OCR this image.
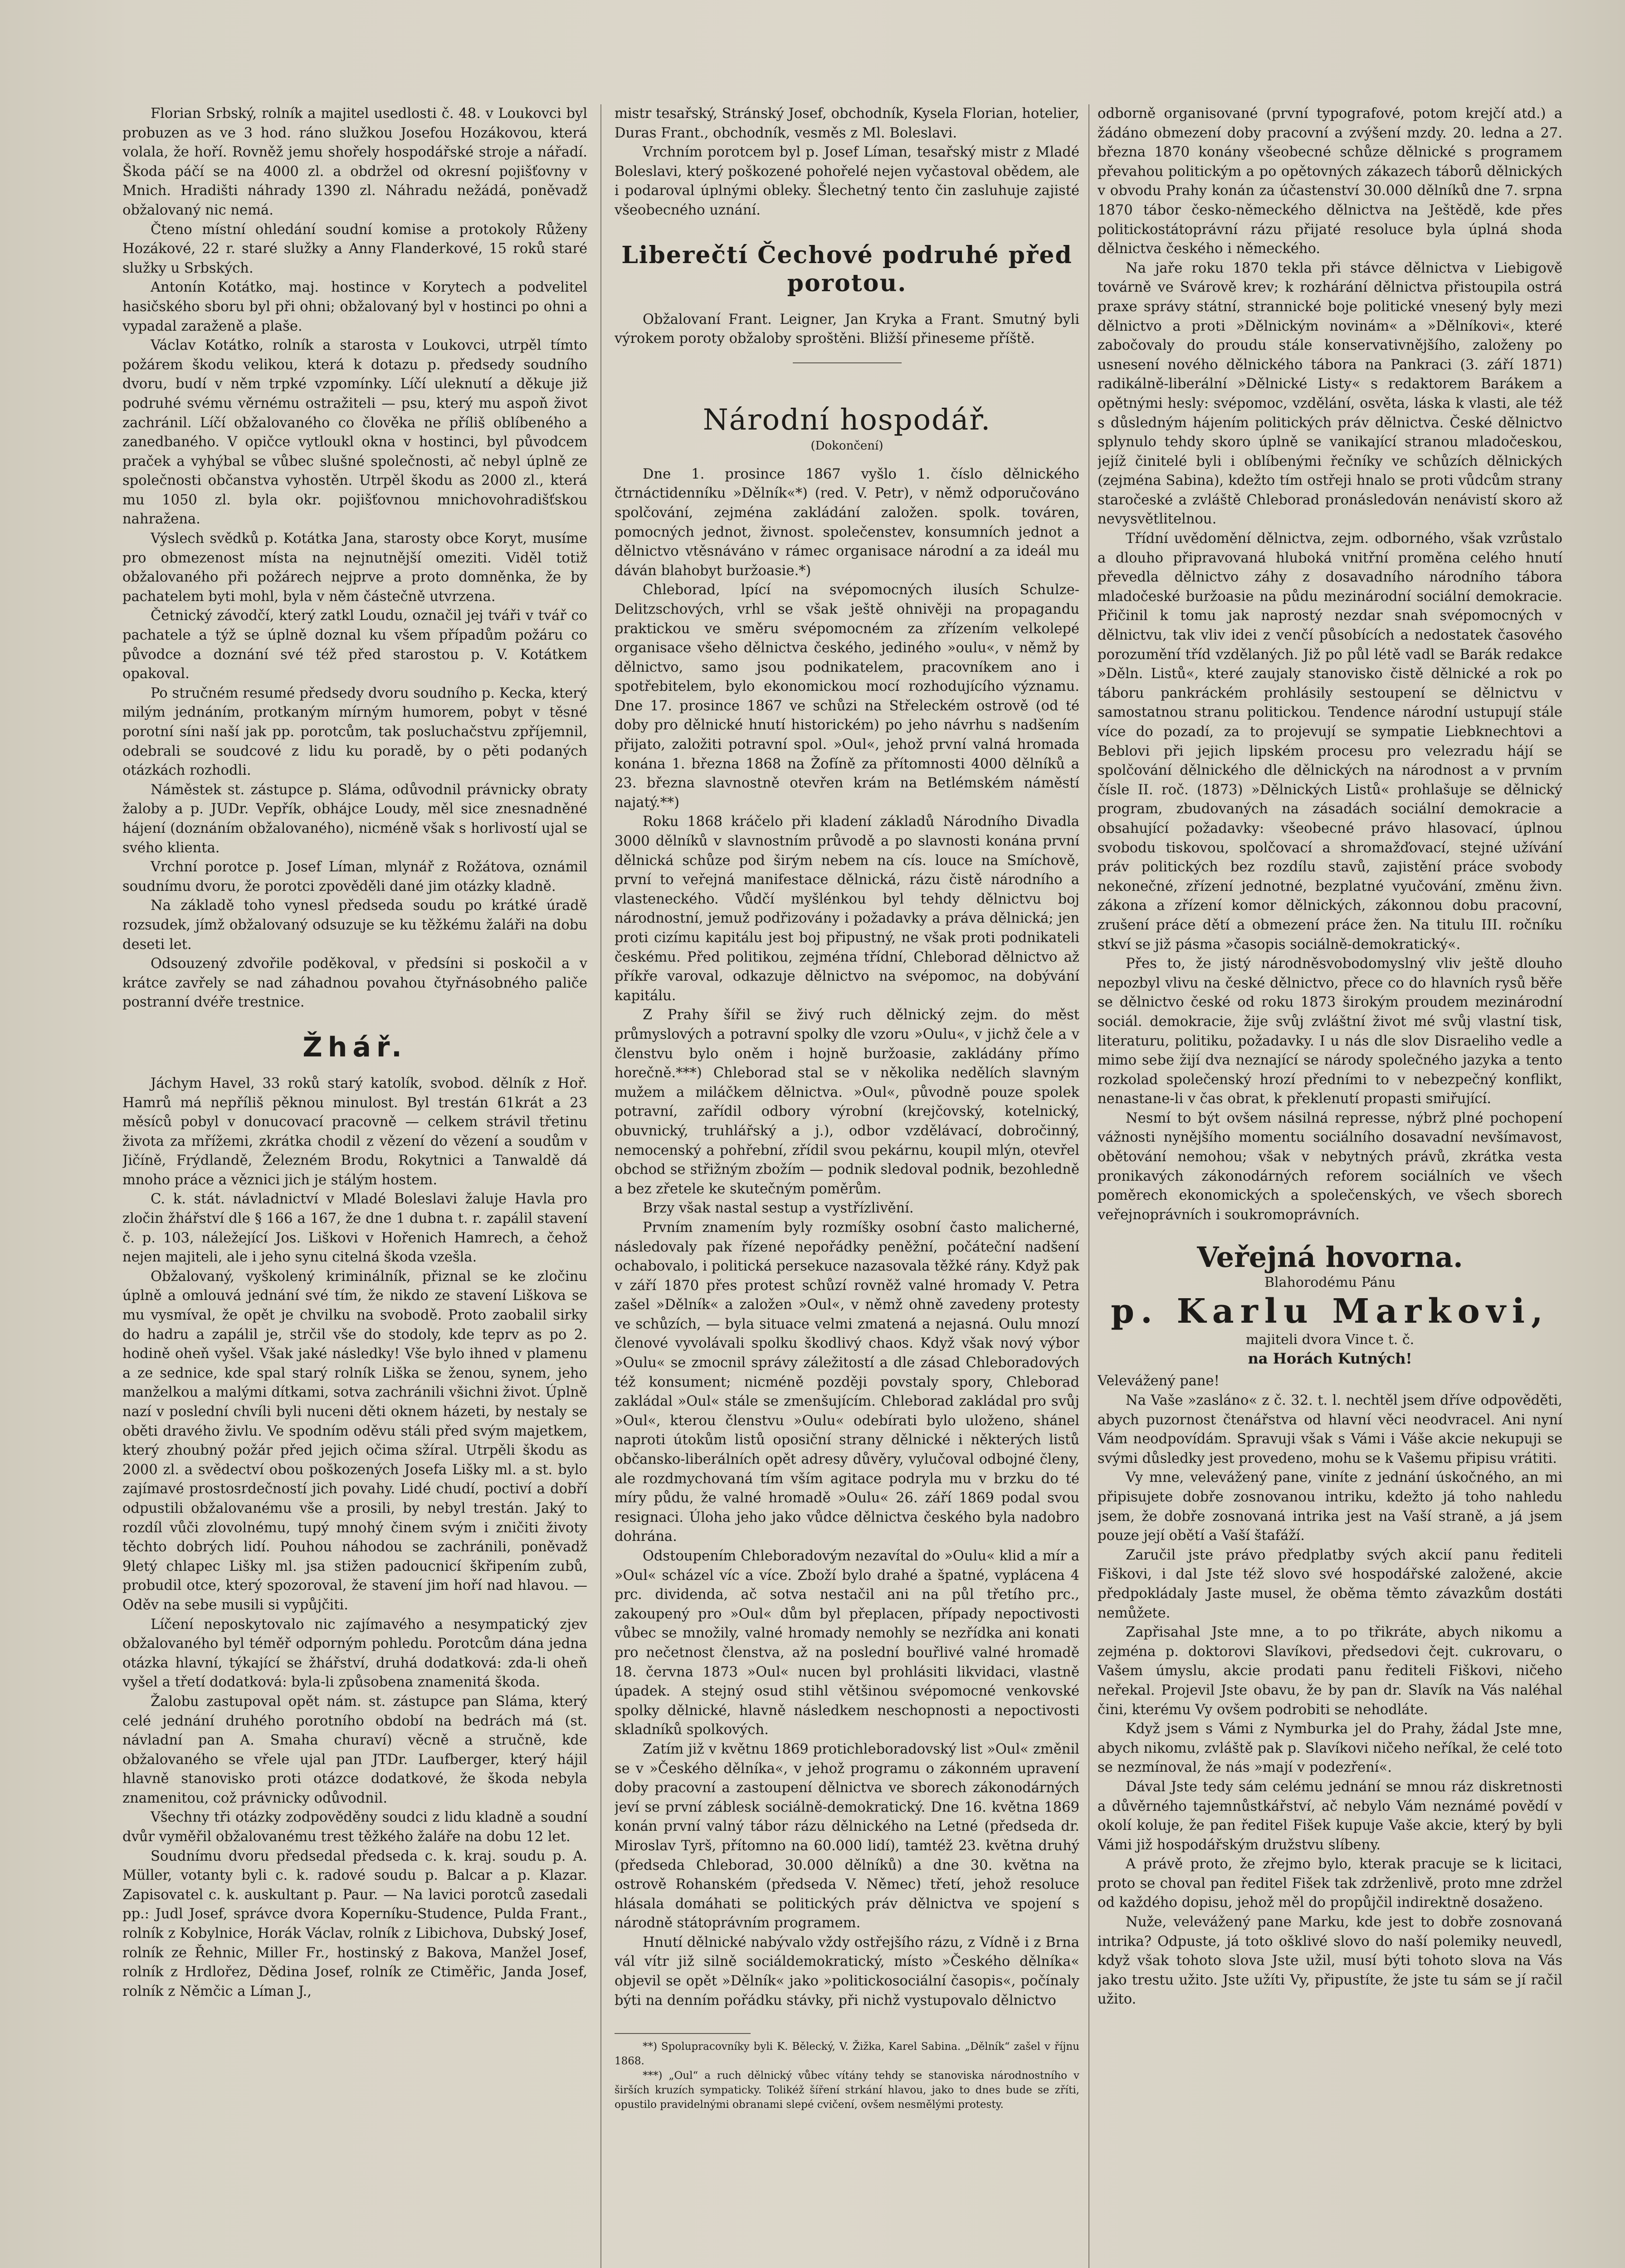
Florian Srbský, rolník a majitel usedlosti č. 48. v Loukovci byl probuzen as ve 3 hod. ráno služkou Josefou Hozákovou, která volala, že hoří. Rovněž jemu shořely hospodářské stroje a nářadí. Škoda páčí se na 4000 zl. a obdržel od okresní pojišťovny v Mnich. Hradišti náhrady 1390 zl. Náhradu nežádá, poněvadž obžalovaný nic nemá.

Čteno místní ohledání soudní komise a protokoly Růženy Hozákové, 22 r. staré služky a Anny Flanderkové, 15 roků staré služky u Srbských.

Antonín Kotátko, maj. hostince v Korytech a podvelitel hasičského sboru byl při ohni; obžalovaný byl v hostinci po ohni a vypadal zaraženě a plaše.

Václav Kotátko, rolník a starosta v Loukovci, utrpěl tímto požárem škodu velikou, která k dotazu p. předsedy soudního dvoru, budí v něm trpké vzpomínky. Líčí uleknutí a děkuje již podruhé svému věrnému ostražiteli — psu, který mu aspoň život zachránil. Líčí obžalovaného co člověka ne příliš oblíbeného a zanedbaného. V opičce vytloukl okna v hostinci, byl původcem praček a vyhýbal se vůbec slušné společnosti, ač nebyl úplně ze společnosti občanstva vyhostěn. Utrpěl škodu as 2000 zl., která mu 1050 zl. byla okr. pojišťovnou mnichovohradišťskou nahražena.

Výslech svědků p. Kotátka Jana, starosty obce Koryt, musíme pro obmezenost místa na nejnutnější omeziti. Viděl totiž obžalovaného při požárech nejprve a proto domněnka, že by pachatelem byti mohl, byla v něm částečně utvrzena.

Četnický závodčí, který zatkl Loudu, označil jej tváři v tvář co pachatele a týž se úplně doznal ku všem případům požáru co původce a doznání své též před starostou p. V. Kotátkem opakoval.

Po stručném resumé předsedy dvoru soudního p. Kecka, který milým jednáním, protkaným mírným humorem, pobyt v těsné porotní síni naší jak pp. porotcům, tak posluchačstvu zpříjemnil, odebrali se soudcové z lidu ku poradě, by o pěti podaných otázkách rozhodli.

Náměstek st. zástupce p. Sláma, odůvodnil právnicky obraty žaloby a p. JUDr. Vepřík, obhájce Loudy, měl sice znesnadněné hájení (doznáním obžalovaného), nicméně však s horlivostí ujal se svého klienta.

Vrchní porotce p. Josef Líman, mlynář z Rožátova, oznámil soudnímu dvoru, že porotci zpověděli dané jim otázky kladně.

Na základě toho vynesl předseda soudu po krátké úradě rozsudek, jímž obžalovaný odsuzuje se ku těžkému žaláři na dobu deseti let.

Odsouzený zdvořile poděkoval, v předsíni si poskočil a v krátce zavřely se nad záhadnou povahou čtyřnásobného paliče postranní dvéře trestnice.

Žhář.

Jáchym Havel, 33 roků starý katolík, svobod. dělník z Hoř. Hamrů má nepříliš pěknou minulost. Byl trestán 61krát a 23 měsíců pobyl v donucovací pracovně — celkem strávil třetinu života za mřížemi, zkrátka chodil z vězení do vězení a soudům v Jičíně, Frýdlandě, Železném Brodu, Rokytnici a Tanwaldě dá mnoho práce a věznici jich je stálým hostem.

C. k. stát. návladnictví v Mladé Boleslavi žaluje Havla pro zločin žhářství dle § 166 a 167, že dne 1 dubna t. r. zapálil stavení č. p. 103, náležející Jos. Liškovi v Hořenich Hamrech, a čehož nejen majiteli, ale i jeho synu citelná škoda vzešla.

Obžalovaný, vyškolený kriminálník, přiznal se ke zločinu úplně a omlouvá jednání své tím, že nikdo ze stavení Liškova se mu vysmíval, že opět je chvilku na svobodě. Proto zaobalil sirky do hadru a zapálil je, strčil vše do stodoly, kde teprv as po 2. hodině oheň vyšel. Však jaké následky! Vše bylo ihned v plamenu a ze sednice, kde spal starý rolník Liška se ženou, synem, jeho manželkou a malými dítkami, sotva zachránili všichni život. Úplně nazí v poslední chvíli byli nuceni děti oknem házeti, by nestaly se oběti dravého živlu. Ve spodním oděvu stáli před svým majetkem, který zhoubný požár před jejich očima sžíral. Utrpěli škodu as 2000 zl. a svědectví obou poškozených Josefa Lišky ml. a st. bylo zajímavé prostosrdečností jich povahy. Lidé chudí, poctiví a dobří odpustili obžalovanému vše a prosili, by nebyl trestán. Jaký to rozdíl vůči zlovolnému, tupý mnohý činem svým i zničiti životy těchto dobrých lidí. Pouhou náhodou se zachránili, poněvadž 9letý chlapec Lišky ml. jsa stižen padoucnicí škřipením zubů, probudil otce, který spozoroval, že stavení jim hoří nad hlavou. — Oděv na sebe musili si vypůjčiti.

Líčení neposkytovalo nic zajímavého a nesympatický zjev obžalovaného byl téměř odporným pohledu. Porotcům dána jedna otázka hlavní, týkající se žhářství, druhá dodatková: zda-li oheň vyšel a třetí dodatková: byla-li způsobena znamenitá škoda.

Žalobu zastupoval opět nám. st. zástupce pan Sláma, který celé jednání druhého porotního období na bedrách má (st. návladní pan A. Smaha churaví) věcně a stručně, kde obžalovaného se vřele ujal pan JTDr. Laufberger, který hájil hlavně stanovisko proti otázce dodatkové, že škoda nebyla znamenitou, což právnicky odůvodnil.

Všechny tři otázky zodpověděny soudci z lidu kladně a soudní dvůr vyměřil obžalovanému trest těžkého žaláře na dobu 12 let.

Soudnímu dvoru předsedal předseda c. k. kraj. soudu p. A. Müller, votanty byli c. k. radové soudu p. Balcar a p. Klazar. Zapisovatel c. k. auskultant p. Paur. — Na lavici porotců zasedali pp.: Judl Josef, správce dvora Koperníku-Studence, Pulda Frant., rolník z Kobylnice, Horák Václav, rolník z Libichova, Dubský Josef, rolník ze Řehnic, Miller Fr., hostinský z Bakova, Manžel Josef, rolník z Hrdlořez, Dědina Josef, rolník ze Ctiměřic, Janda Josef, rolník z Němčic a Líman J.,

mistr tesařský, Stránský Josef, obchodník, Kysela Florian, hotelier, Duras Frant., obchodník, vesměs z Ml. Boleslavi.

Vrchním porotcem byl p. Josef Líman, tesařský mistr z Mladé Boleslavi, který poškozené pohořelé nejen vyčastoval obědem, ale i podaroval úplnými obleky. Šlechetný tento čin zasluhuje zajisté všeobecného uznání.

Liberečtí Čechové podruhé před porotou.

Obžalovaní Frant. Leigner, Jan Kryka a Frant. Smutný byli výrokem poroty obžaloby sproštěni. Bližší přineseme příště.

Národní hospodář.
(Dokončení)

Dne 1. prosince 1867 vyšlo 1. číslo dělnického čtrnáctidenníku »Dělník«*) (red. V. Petr), v němž odporučováno spolčování, zejména zakládání založen. spolk. továren, pomocných jednot, živnost. společenstev, konsumních jednot a dělnictvo vtěsnáváno v rámec organisace národní a za ideál mu dáván blahobyt buržoasie.*)

Chleborad, lpící na svépomocných ilusích Schulze-Delitzschových, vrhl se však ještě ohnivěji na propagandu praktickou ve směru svépomocném za zřízením velkolepé organisace všeho dělnictva českého, jediného »oulu«, v němž by dělnictvo, samo jsou podnikatelem, pracovníkem ano i spotřebitelem, bylo ekonomickou mocí rozhodujícího významu. Dne 17. prosince 1867 ve schůzi na Střeleckém ostrově (od té doby pro dělnické hnutí historickém) po jeho návrhu s nadšením přijato, založiti potravní spol. »Oul«, jehož první valná hromada konána 1. března 1868 na Žofíně za přítomnosti 4000 dělníků a 23. března slavnostně otevřen krám na Betlémském náměstí najatý.**)

Roku 1868 kráčelo při kladení základů Národního Divadla 3000 dělníků v slavnostním průvodě a po slavnosti konána první dělnická schůze pod širým nebem na cís. louce na Smíchově, první to veřejná manifestace dělnická, rázu čistě národního a vlasteneckého. Vůdčí myšlénkou byl tehdy dělnictvu boj národnostní, jemuž podřizovány i požadavky a práva dělnická; jen proti cizímu kapitálu jest boj připustný, ne však proti podnikateli českému. Před politikou, zejména třídní, Chleborad dělnictvo až příkře varoval, odkazuje dělnictvo na svépomoc, na dobývání kapitálu.

Z Prahy šířil se živý ruch dělnický zejm. do měst průmyslových a potravní spolky dle vzoru »Oulu«, v jichž čele a v členstvu bylo oněm i hojně buržoasie, zakládány přímo horečně.***) Chleborad stal se v několika nedělích slavným mužem a miláčkem dělnictva. »Oul«, původně pouze spolek potravní, zařídil odbory výrobní (krejčovský, kotelnický, obuvnický, truhlářský a j.), odbor vzdělávací, dobročinný, nemocenský a pohřební, zřídil svou pekárnu, koupil mlýn, otevřel obchod se střižným zbožím — podnik sledoval podnik, bezohledně a bez zřetele ke skutečným poměrům.

Brzy však nastal sestup a vystřízlivění.

Prvním znamením byly rozmíšky osobní často malicherné, následovaly pak řízené nepořádky peněžní, počáteční nadšení ochabovalo, i politická persekuce nazasovala těžké rány. Když pak v září 1870 přes protest schůzí rovněž valné hromady V. Petra zašel »Dělník« a založen »Oul«, v němž ohně zavedeny protesty ve schůzích, — byla situace velmi zmatená a nejasná. Oulu mnozí členové vyvolávali spolku škodlivý chaos. Když však nový výbor »Oulu« se zmocnil správy záležitostí a dle zásad Chleboradových též konsument; nicméně později povstaly spory, Chleborad zakládal »Oul« stále se zmenšujícím. Chleborad zakládal pro svůj »Oul«, kterou členstvu »Oulu« odebírati bylo uloženo, shánel naproti útokům listů oposiční strany dělnické i některých listů občansko-liberálních opět adresy důvěry, vylučoval odbojné členy, ale rozdmychovaná tím vším agitace podryla mu v brzku do té míry půdu, že valné hromadě »Oulu« 26. září 1869 podal svou resignaci. Úloha jeho jako vůdce dělnictva českého byla nadobro dohrána.

Odstoupením Chleboradovým nezavítal do »Oulu« klid a mír a »Oul« scházel víc a více. Zboží bylo drahé a špatné, vyplácena 4 prc. dividenda, ač sotva nestačil ani na půl třetího prc., zakoupený pro »Oul« dům byl přeplacen, případy nepoctivosti vůbec se množily, valné hromady nemohly se nezřídka ani konati pro nečetnost členstva, až na poslední bouřlivé valné hromadě 18. června 1873 »Oul« nucen byl prohlásiti likvidaci, vlastně úpadek. A stejný osud stihl většinou svépomocné venkovské spolky dělnické, hlavně následkem neschopnosti a nepoctivosti skladníků spolkových.

Zatím již v květnu 1869 protichleboradovský list »Oul« změnil se v »Českého dělníka«, v jehož programu o zákonném upravení doby pracovní a zastoupení dělnictva ve sborech zákonodárných jeví se první záblesk sociálně-demokratický. Dne 16. května 1869 konán první valný tábor rázu dělnického na Letné (předseda dr. Miroslav Tyrš, přítomno na 60.000 lidí), tamtéž 23. května druhý (předseda Chleborad, 30.000 dělníků) a dne 30. května na ostrově Rohanském (předseda V. Němec) třetí, jehož resoluce hlásala domáhati se politických práv dělnictva ve spojení s národně státoprávním programem.

Hnutí dělnické nabývalo vždy ostřejšího rázu, z Vídně i z Brna vál vítr již silně sociáldemokratický, místo »Českého dělníka« objevil se opět »Dělník« jako »politickosociální časopis«, počínaly býti na denním pořádku stávky, při nichž vystupovalo dělnictvo

**) Spolupracovníky byli K. Bělecký, V. Žižka, Karel Sabina. „Dělník“ zašel v říjnu 1868.

***) „Oul“ a ruch dělnický vůbec vítány tehdy se stanoviska národnostního v širších kruzích sympaticky. Tolikéž šíření strkání hlavou, jako to dnes bude se zříti, opustilo pravidelnými obranami slepé cvičení, ovšem nesmělými protesty.

odborně organisované (první typografové, potom krejčí atd.) a žádáno obmezení doby pracovní a zvýšení mzdy. 20. ledna a 27. března 1870 konány všeobecné schůze dělnické s programem převahou politickým a po opětovných zákazech táborů dělnických v obvodu Prahy konán za účastenství 30.000 dělníků dne 7. srpna 1870 tábor česko-německého dělnictva na Ještědě, kde přes politickostátoprávní rázu přijaté resoluce byla úplná shoda dělnictva českého i německého.

Na jaře roku 1870 tekla při stávce dělnictva v Liebigově továrně ve Svárově krev; k rozhárání dělnictva přistoupila ostrá praxe správy státní, strannické boje politické vnesený byly mezi dělnictvo a proti »Dělnickým novinám« a »Dělníkovi«, které zabočovaly do proudu stále konservativnějšího, založeny po usnesení nového dělnického tábora na Pankraci (3. září 1871) radikálně-liberální »Dělnické Listy« s redaktorem Barákem a opětnými hesly: svépomoc, vzdělání, osvěta, láska k vlasti, ale též s důsledným hájením politických práv dělnictva. České dělnictvo splynulo tehdy skoro úplně se vanikající stranou mladočeskou, jejíž činitelé byli i oblíbenými řečníky ve schůzích dělnických (zejména Sabina), kdežto tím ostřeji hnalo se proti vůdcům strany staročeské a zvláště Chleborad pronásledován nenávistí skoro až nevysvětlitelnou.

Třídní uvědomění dělnictva, zejm. odborného, však vzrůstalo a dlouho připravovaná hluboká vnitřní proměna celého hnutí převedla dělnictvo záhy z dosavadního národního tábora mladočeské buržoasie na půdu mezinárodní sociální demokracie. Přičinil k tomu jak naprostý nezdar snah svépomocných v dělnictvu, tak vliv idei z venčí působících a nedostatek časového porozumění tříd vzdělaných. Již po půl létě vadl se Barák redakce »Děln. Listů«, které zaujaly stanovisko čistě dělnické a rok po táboru pankráckém prohlásily sestoupení se dělnictvu v samostatnou stranu politickou. Tendence národní ustupují stále více do pozadí, za to projevují se sympatie Liebknechtovi a Beblovi při jejich lipském procesu pro velezradu hájí se spolčování dělnického dle dělnických na národnost a v prvním čísle II. roč. (1873) »Dělnických Listů« prohlašuje se dělnický program, zbudovaných na zásadách sociální demokracie a obsahující požadavky: všeobecné právo hlasovací, úplnou svobodu tiskovou, spolčovací a shromažďovací, stejné užívání práv politických bez rozdílu stavů, zajistění práce svobody nekonečné, zřízení jednotné, bezplatné vyučování, změnu živn. zákona a zřízení komor dělnických, zákonnou dobu pracovní, zrušení práce dětí a obmezení práce žen. Na titulu III. ročníku stkví se již pásma »časopis sociálně-demokratický«.

Přes to, že jistý národněsvobodomyslný vliv ještě dlouho nepozbyl vlivu na české dělnictvo, přece co do hlavních rysů běře se dělnictvo české od roku 1873 širokým proudem mezinárodní sociál. demokracie, žije svůj zvláštní život mé svůj vlastní tisk, literaturu, politiku, požadavky. I u nás dle slov Disraeliho vedle a mimo sebe žijí dva neznající se národy společného jazyka a tento rozkolad společenský hrozí předními to v nebezpečný konflikt, nenastane-li v čas obrat, k překlenutí propasti smiřující.

Nesmí to být ovšem násilná represse, nýbrž plné pochopení vážnosti nynějšího momentu sociálního dosavadní nevšímavost, obětování nemohou; však v nebytných právů, zkrátka vesta pronikavých zákonodárných reforem sociálních ve všech poměrech ekonomických a společenských, ve všech sborech veřejnoprávních i soukromoprávních.

Veřejná hovorna.
Blahorodému Pánu
p. Karlu Markovi,
majiteli dvora Vince t. č.
na Horách Kutných!

Velevážený pane!

Na Vaše »zasláno« z č. 32. t. l. nechtěl jsem dříve odpověděti, abych puzornost čtenářstva od hlavní věci neodvracel. Ani nyní Vám neodpovídám. Spravuji však s Vámi i Váše akcie nekupuji se svými důsledky jest provedeno, mohu se k Vašemu připisu vrátiti.

Vy mne, velevážený pane, viníte z jednání úskočného, an mi připisujete dobře zosnovanou intriku, kdežto já toho nahledu jsem, že dobře zosnovaná intrika jest na Vaší straně, a já jsem pouze její obětí a Vaší štafáží.

Zaručil jste právo předplatby svých akcií panu řediteli Fiškovi, i dal Jste též slovo své hospodářské založené, akcie předpokládaly Jaste musel, že oběma těmto závazkům dostáti nemůžete.

Zapřisahal Jste mne, a to po třikráte, abych nikomu a zejména p. doktorovi Slavíkovi, předsedovi čejt. cukrovaru, o Vašem úmyslu, akcie prodati panu řediteli Fiškovi, ničeho neřekal. Projevil Jste obavu, že by pan dr. Slavík na Vás naléhal čini, kterému Vy ovšem podrobiti se nehodláte.

Když jsem s Vámi z Nymburka jel do Prahy, žádal Jste mne, abych nikomu, zvláště pak p. Slavíkovi ničeho neříkal, že celé toto se nezmínoval, že nás »mají v podezření«.

Dával Jste tedy sám celému jednání se mnou ráz diskretnosti a důvěrného tajemnůstkářství, ač nebylo Vám neznámé povědí v okolí koluje, že pan ředitel Fišek kupuje Vaše akcie, který by byli Vámi již hospodářským družstvu slíbeny.

A právě proto, že zřejmo bylo, kterak pracuje se k licitaci, proto se choval pan ředitel Fišek tak zdrženlivě, proto mne zdržel od každého dopisu, jehož měl do propůjčil indirektně dosaženo.

Nuže, velevážený pane Marku, kde jest to dobře zosnovaná intrika? Odpuste, já toto ošklivé slovo do naší polemiky neuvedl, když však tohoto slova Jste užil, musí býti tohoto slova na Vás jako trestu užito. Jste užíti Vy, připustíte, že jste tu sám se jí račil užito.
